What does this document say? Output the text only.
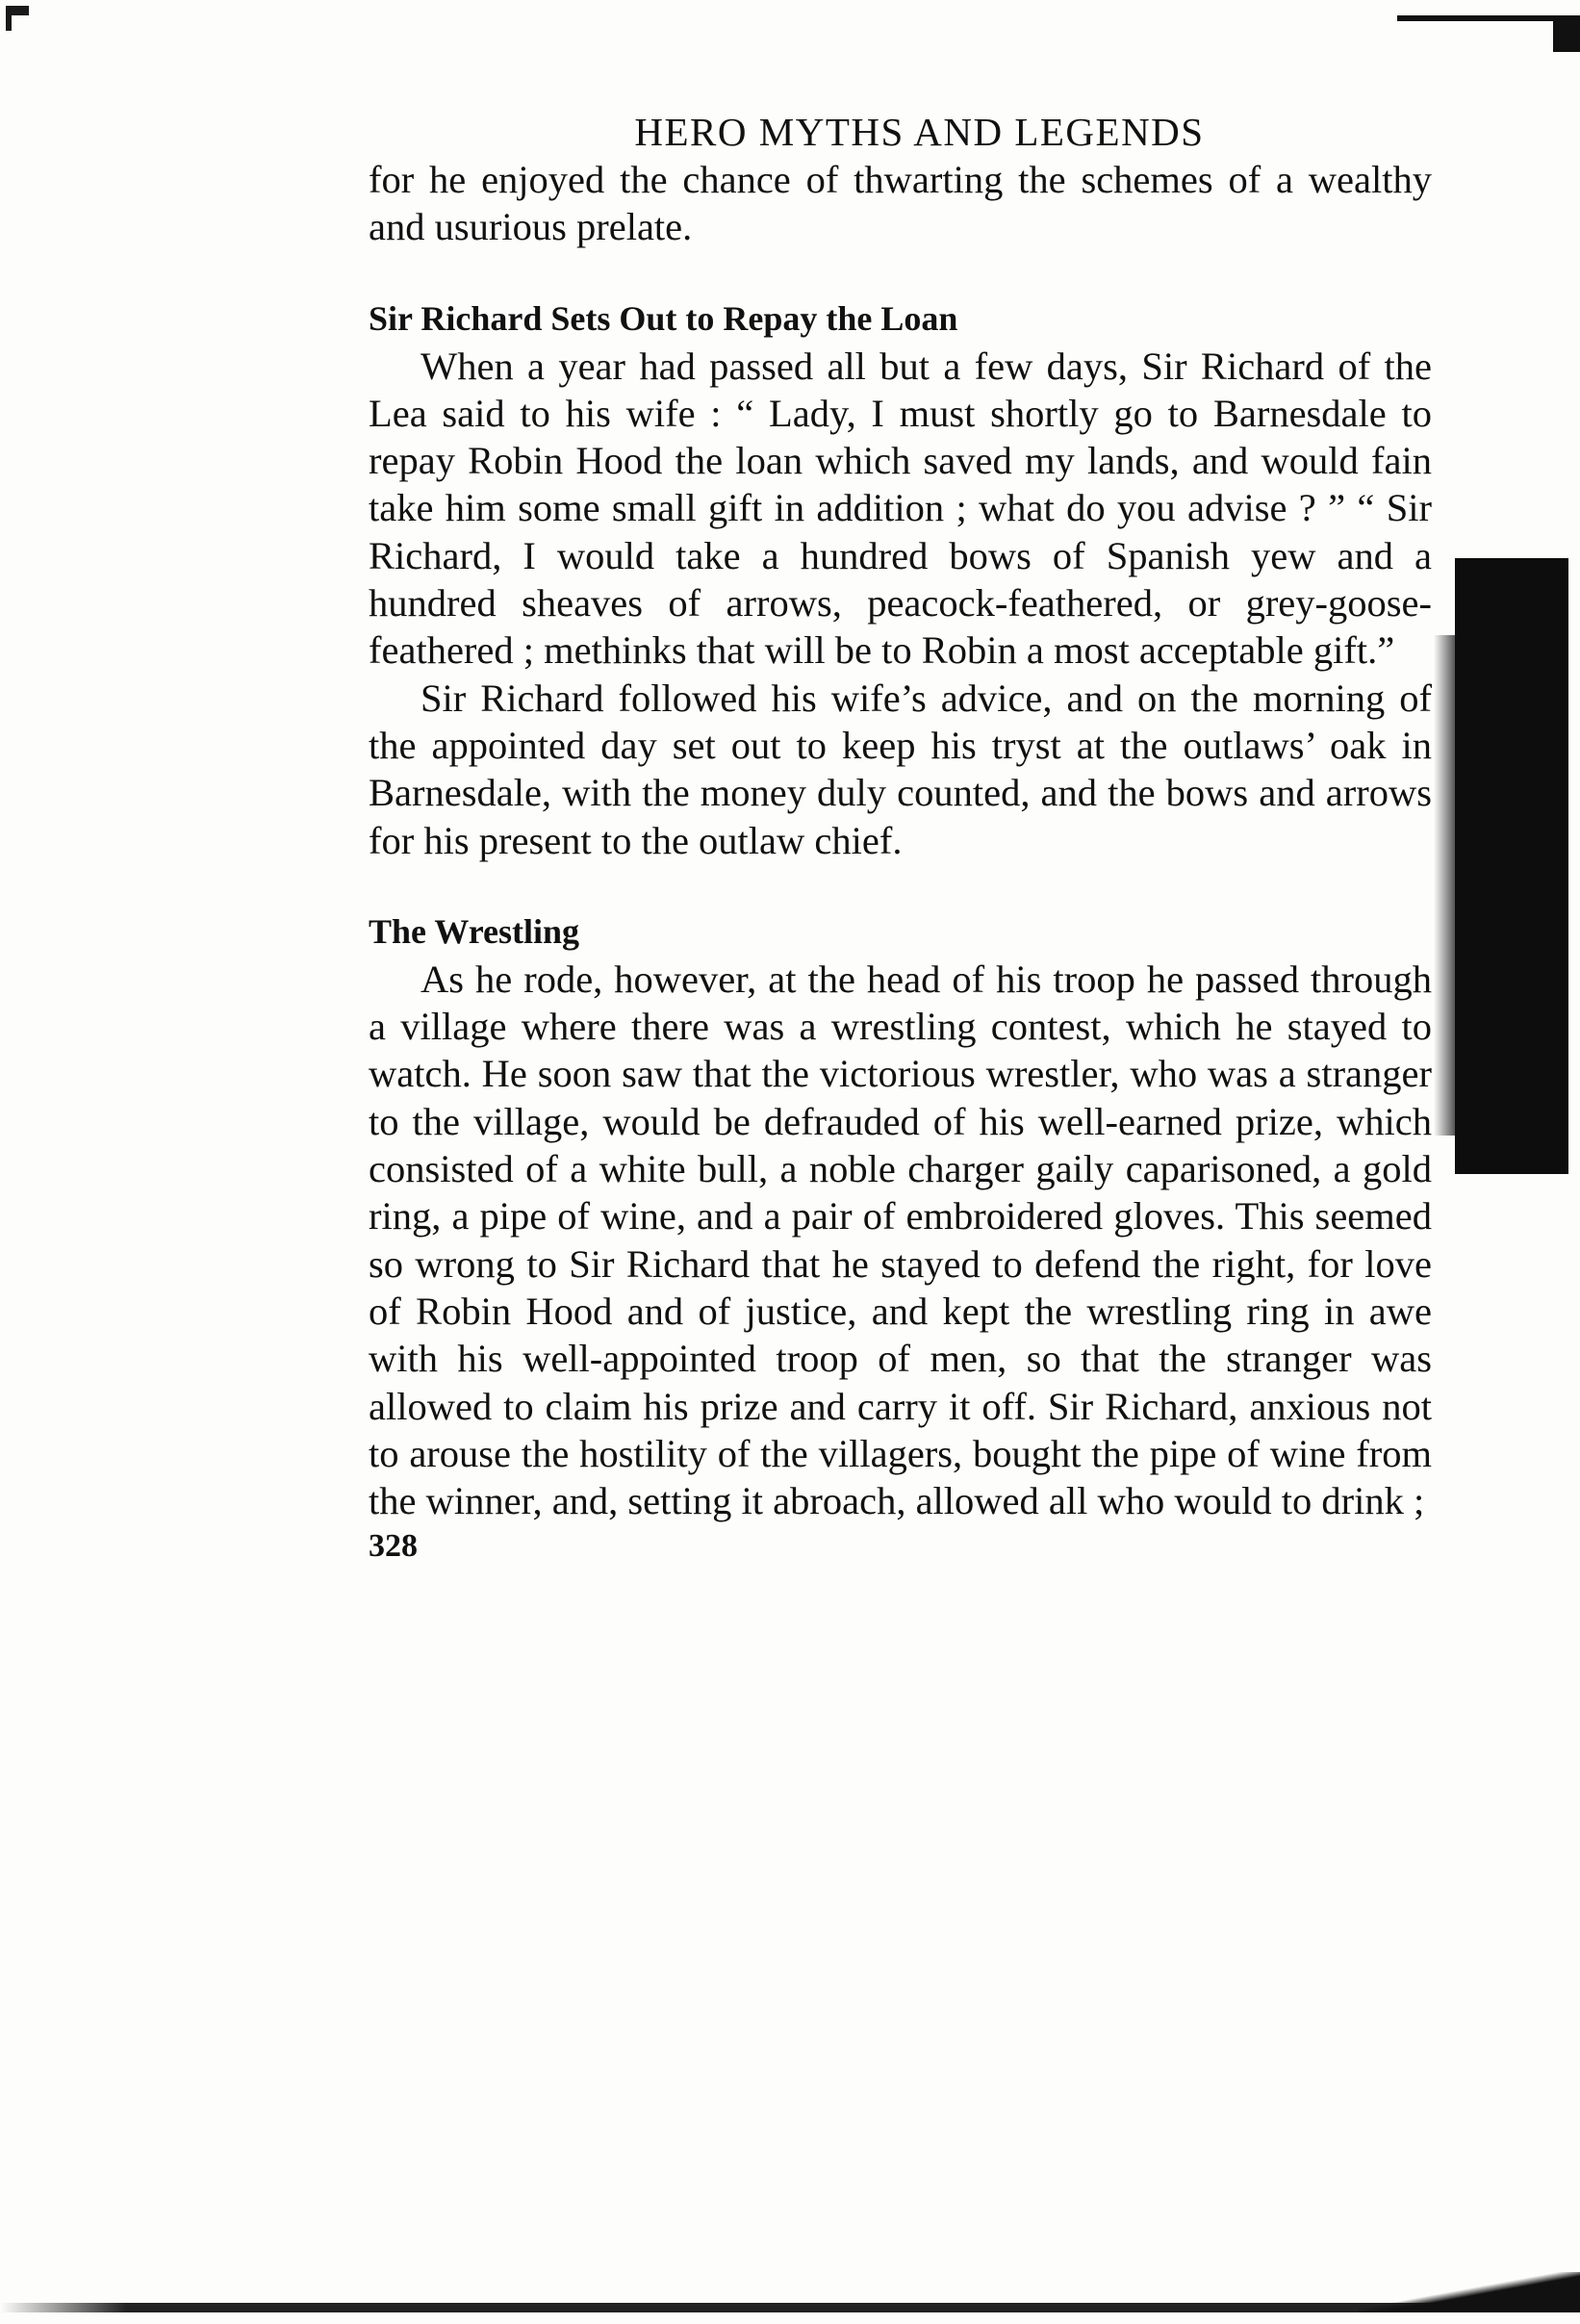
HERO MYTHS AND LEGENDS

for he enjoyed the chance of thwarting the schemes of a wealthy and usurious prelate.

Sir Richard Sets Out to Repay the Loan

When a year had passed all but a few days, Sir Richard of the Lea said to his wife : “ Lady, I must shortly go to Barnesdale to repay Robin Hood the loan which saved my lands, and would fain take him some small gift in addition ; what do you advise ? ” “ Sir Richard, I would take a hundred bows of Spanish yew and a hundred sheaves of arrows, peacock-feathered, or grey-goose-feathered ; methinks that will be to Robin a most acceptable gift.”

Sir Richard followed his wife’s advice, and on the morning of the appointed day set out to keep his tryst at the outlaws’ oak in Barnesdale, with the money duly counted, and the bows and arrows for his present to the outlaw chief.

The Wrestling

As he rode, however, at the head of his troop he passed through a village where there was a wrestling contest, which he stayed to watch. He soon saw that the victorious wrestler, who was a stranger to the village, would be defrauded of his well-earned prize, which consisted of a white bull, a noble charger gaily caparisoned, a gold ring, a pipe of wine, and a pair of embroidered gloves. This seemed so wrong to Sir Richard that he stayed to defend the right, for love of Robin Hood and of justice, and kept the wrestling ring in awe with his well-appointed troop of men, so that the stranger was allowed to claim his prize and carry it off. Sir Richard, anxious not to arouse the hostility of the villagers, bought the pipe of wine from the winner, and, setting it abroach, allowed all who would to drink ;

328
